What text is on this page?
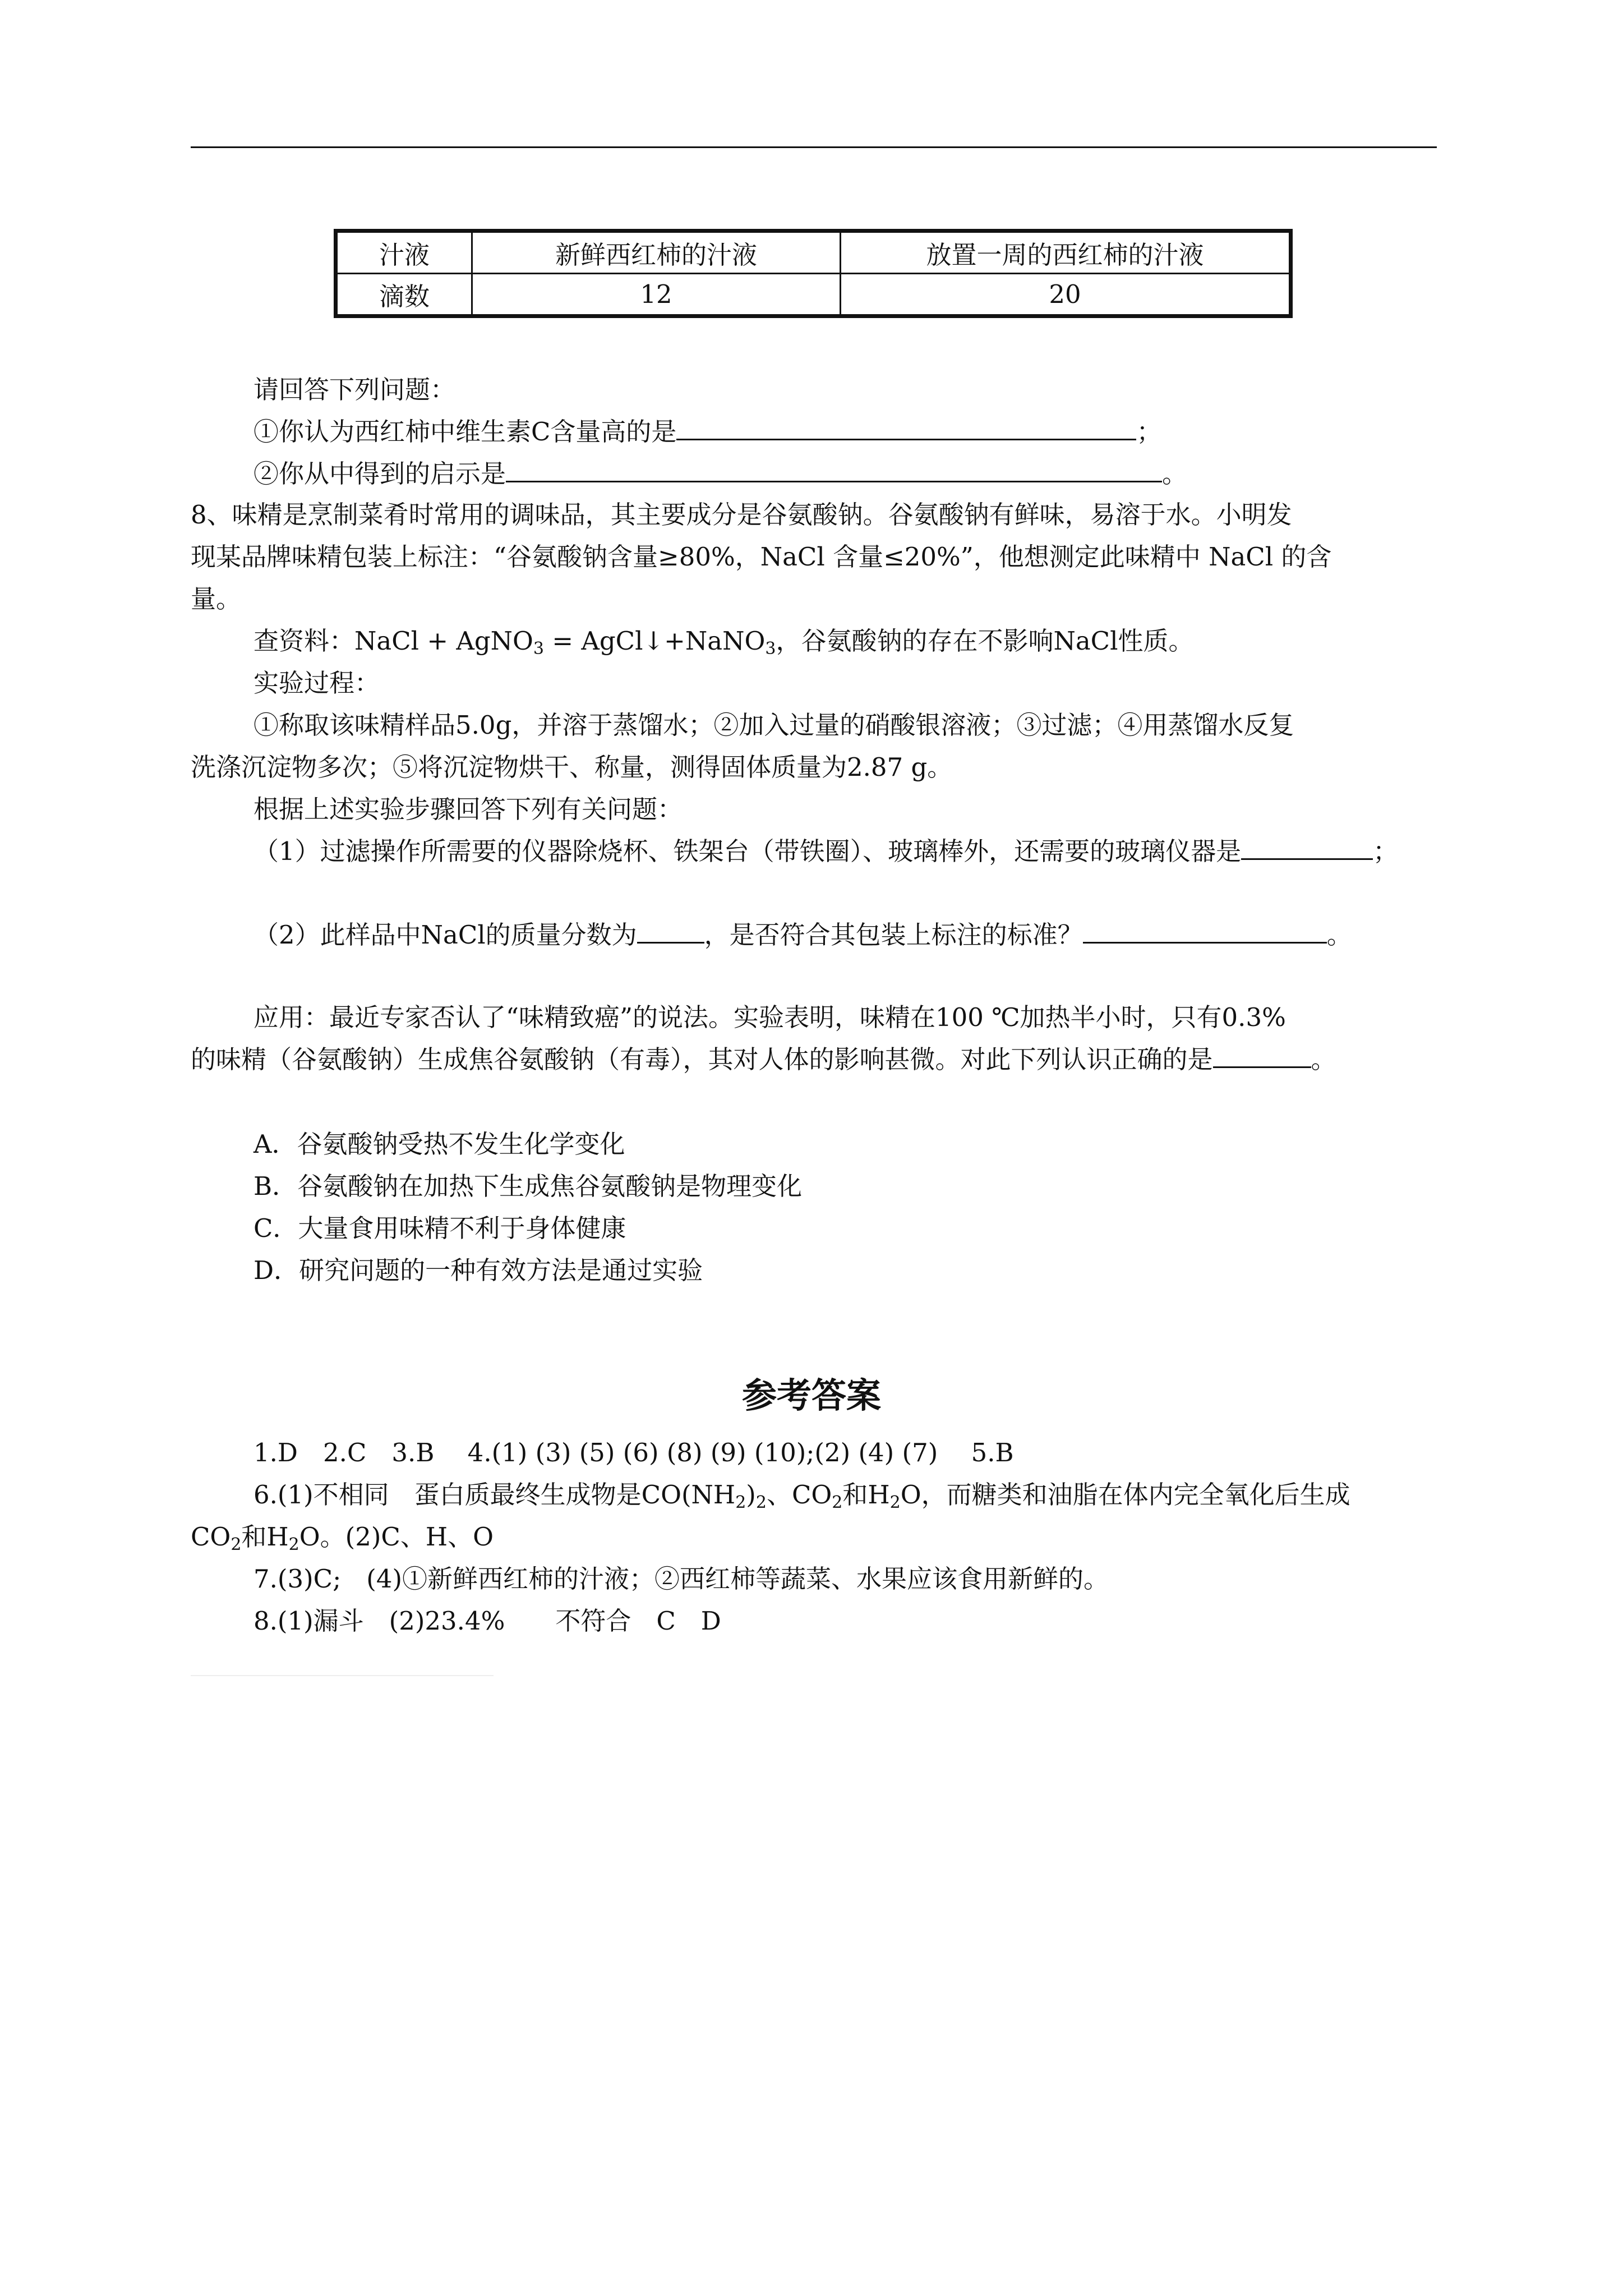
汁液	新鲜西红柿的汁液	放置一周的西红柿的汁液
滴数	12	20
请回答下列问题：
①你认为西红柿中维生素C含量高的是	；
②你从中得到的启示是	。
8、味精是烹制菜肴时常用的调味品，其主要成分是谷氨酸钠。谷氨酸钠有鲜味，易溶于水。小明发
现某品牌味精包装上标注：“谷氨酸钠含量≥80%，NaCl 含量≤20%”，他想测定此味精中 NaCl 的含
量。
查资料：NaCl + AgNO$_3$ = AgCl↓+NaNO$_3$，谷氨酸钠的存在不影响NaCl性质。
实验过程：
①称取该味精样品5.0g，并溶于蒸馏水；②加入过量的硝酸银溶液；③过滤；④用蒸馏水反复
洗涤沉淀物多次；⑤将沉淀物烘干、称量，测得固体质量为2.87 g。
根据上述实验步骤回答下列有关问题：
（1）过滤操作所需要的仪器除烧杯、铁架台（带铁圈）、玻璃棒外，还需要的玻璃仪器是	；
（2）此样品中NaCl的质量分数为	，是否符合其包装上标注的标准？	。
应用：最近专家否认了“味精致癌”的说法。实验表明，味精在100 ℃加热半小时，只有0.3%
的味精（谷氨酸钠）生成焦谷氨酸钠（有毒），其对人体的影响甚微。对此下列认识正确的是	。
A．谷氨酸钠受热不发生化学变化
B．谷氨酸钠在加热下生成焦谷氨酸钠是物理变化
C．大量食用味精不利于身体健康
D．研究问题的一种有效方法是通过实验
参考答案
1.D　2.C　3.B　 4.(1) (3) (5) (6) (8) (9) (10);(2) (4) (7)　 5.B
6.(1)不相同　蛋白质最终生成物是$CO(NH_2)_2$、$CO_2$和$H_2O$，而糖类和油脂在体内完全氧化后生成
$CO_2$和$H_2O$。(2)C、H、O
7.(3)C;　(4)①新鲜西红柿的汁液；②西红柿等蔬菜、水果应该食用新鲜的。
8.(1)漏斗　(2)23.4%　　不符合　C　D
